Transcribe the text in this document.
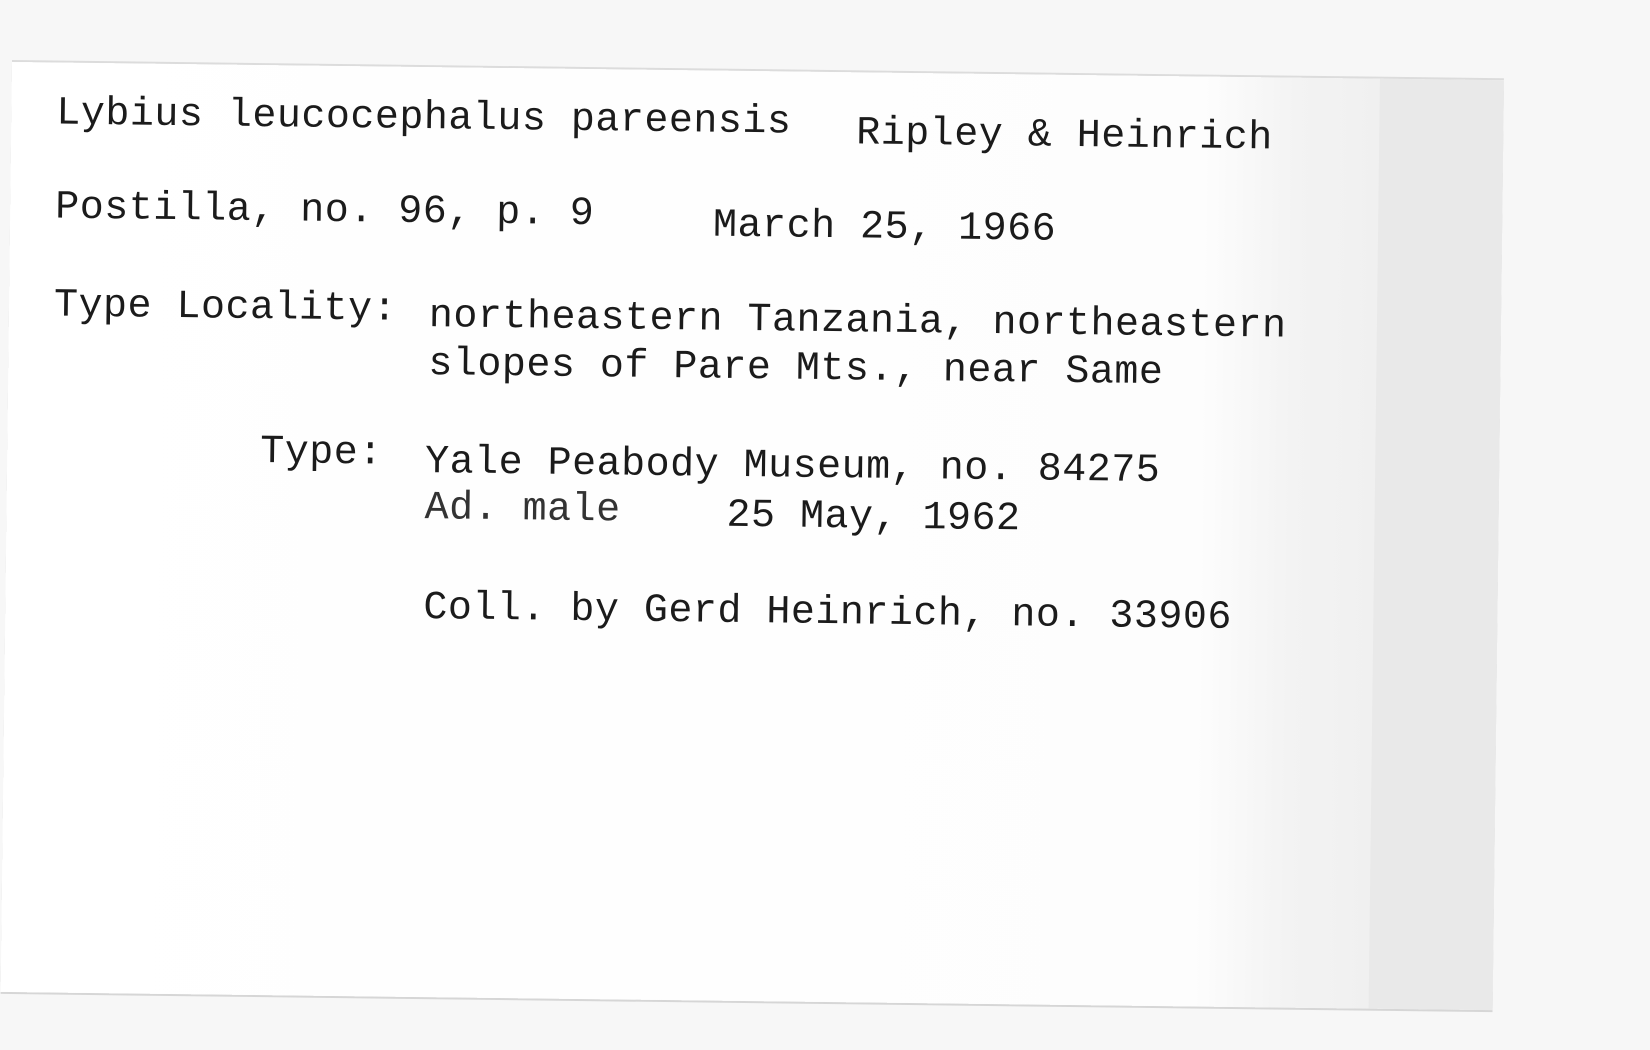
Lybius leucocephalus pareensis Ripley & Heinrich
Postilla, no. 96, p. 9	March 25, 1966
Type Locality: northeastern Tanzania, northeastern
slopes of Pare Mts., near Same
Type: Yale Peabody Museum, no. 84275
Ad. male	25 May, 1962
Coll. by Gerd Heinrich, no. 33906
